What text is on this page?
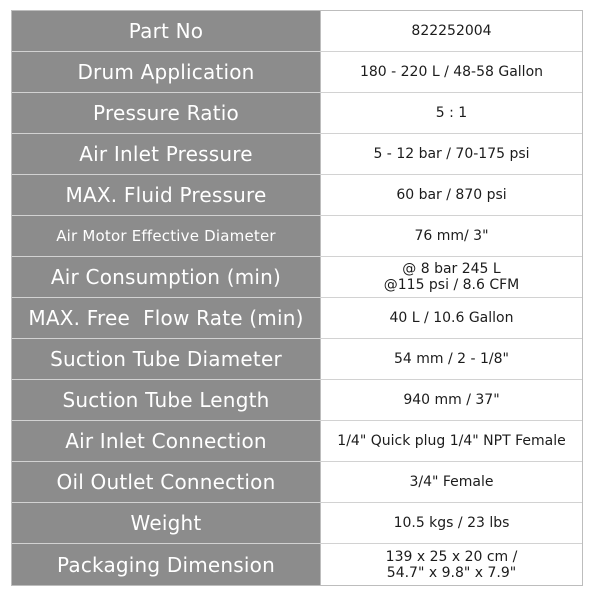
Part No	822252004
Drum Application	180 - 220 L / 48-58 Gallon
Pressure Ratio	5 : 1
Air Inlet Pressure	5 - 12 bar / 70-175 psi
MAX. Fluid Pressure	60 bar / 870 psi
Air Motor Effective Diameter	76 mm/ 3"
Air Consumption (min)	@ 8 bar 245 L
@115 psi / 8.6 CFM
MAX. Free  Flow Rate (min)	40 L / 10.6 Gallon
Suction Tube Diameter	54 mm / 2 - 1/8"
Suction Tube Length	940 mm / 37"
Air Inlet Connection	1/4" Quick plug 1/4" NPT Female
Oil Outlet Connection	3/4" Female
Weight	10.5 kgs / 23 lbs
Packaging Dimension	139 x 25 x 20 cm /
54.7" x 9.8" x 7.9"
